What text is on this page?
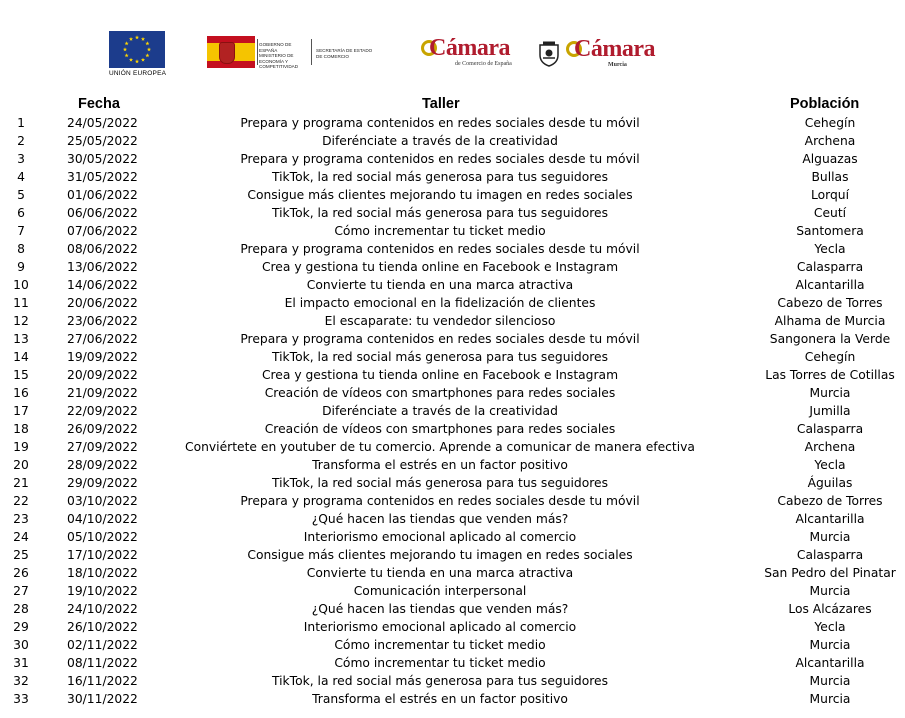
UNIÓN EUROPEA
GOBIERNO DE ESPAÑA
MINISTERIO DE ECONOMÍA Y COMPETITIVIDAD
SECRETARÍA DE ESTADO DE COMERCIO	Cámara
de Comercio de España
Cámara
Murcia
Fecha	Taller	Población
1	24/05/2022	Prepara y programa contenidos en redes sociales desde tu móvil	Cehegín
2	25/05/2022	Diferénciate a través de la creatividad	Archena
3	30/05/2022	Prepara y programa contenidos en redes sociales desde tu móvil	Alguazas
4	31/05/2022	TikTok, la red social más generosa para tus seguidores	Bullas
5	01/06/2022	Consigue más clientes mejorando tu imagen en redes sociales	Lorquí
6	06/06/2022	TikTok, la red social más generosa para tus seguidores	Ceutí
7	07/06/2022	Cómo incrementar tu ticket medio	Santomera
8	08/06/2022	Prepara y programa contenidos en redes sociales desde tu móvil	Yecla
9	13/06/2022	Crea y gestiona tu tienda online en Facebook e Instagram	Calasparra
10	14/06/2022	Convierte tu tienda en una marca atractiva	Alcantarilla
11	20/06/2022	El impacto emocional en la fidelización de clientes	Cabezo de Torres
12	23/06/2022	El escaparate: tu vendedor silencioso	Alhama de Murcia
13	27/06/2022	Prepara y programa contenidos en redes sociales desde tu móvil	Sangonera la Verde
14	19/09/2022	TikTok, la red social más generosa para tus seguidores	Cehegín
15	20/09/2022	Crea y gestiona tu tienda online en Facebook e Instagram	Las Torres de Cotillas
16	21/09/2022	Creación de vídeos con smartphones para redes sociales	Murcia
17	22/09/2022	Diferénciate a través de la creatividad	Jumilla
18	26/09/2022	Creación de vídeos con smartphones para redes sociales	Calasparra
19	27/09/2022	Conviértete en youtuber de tu comercio. Aprende a comunicar de manera efectiva	Archena
20	28/09/2022	Transforma el estrés en un factor positivo	Yecla
21	29/09/2022	TikTok, la red social más generosa para tus seguidores	Águilas
22	03/10/2022	Prepara y programa contenidos en redes sociales desde tu móvil	Cabezo de Torres
23	04/10/2022	¿Qué hacen las tiendas que venden más?	Alcantarilla
24	05/10/2022	Interiorismo emocional aplicado al comercio	Murcia
25	17/10/2022	Consigue más clientes mejorando tu imagen en redes sociales	Calasparra
26	18/10/2022	Convierte tu tienda en una marca atractiva	San Pedro del Pinatar
27	19/10/2022	Comunicación interpersonal	Murcia
28	24/10/2022	¿Qué hacen las tiendas que venden más?	Los Alcázares
29	26/10/2022	Interiorismo emocional aplicado al comercio	Yecla
30	02/11/2022	Cómo incrementar tu ticket medio	Murcia
31	08/11/2022	Cómo incrementar tu ticket medio	Alcantarilla
32	16/11/2022	TikTok, la red social más generosa para tus seguidores	Murcia
33	30/11/2022	Transforma el estrés en un factor positivo	Murcia
